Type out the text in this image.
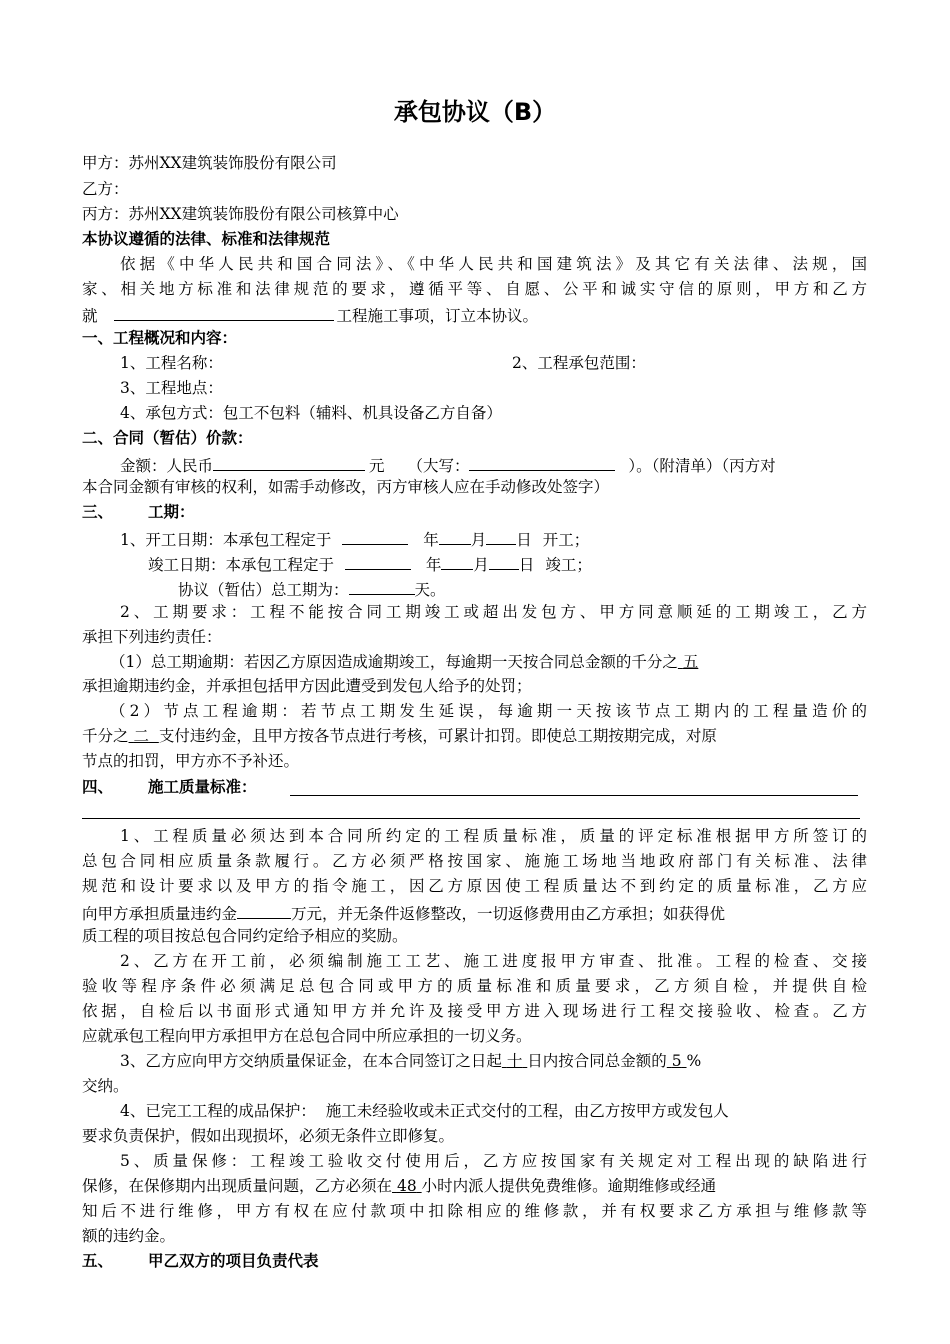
承包协议（B）
甲方：苏州XX建筑装饰股份有限公司
乙方：
丙方：苏州XX建筑装饰股份有限公司核算中心
本协议遵循的法律、标准和法律规范
依据《中华人民共和国合同法》、《中华人民共和国建筑法》及其它有关法律、法规，国
家、相关地方标准和法律规范的要求，遵循平等、自愿、公平和诚实守信的原则，甲方和乙方
就	工程施工事项，订立本协议。
一、工程概况和内容：
1、工程名称：	2、工程承包范围：
3、工程地点：
4、承包方式：包工不包料（辅料、机具设备乙方自备）
二、合同（暂估）价款：
金额：人民币	元 （大写：	）。（附清单）（丙方对
本合同金额有审核的权利，如需手动修改，丙方审核人应在手动修改处签字）
三、 工期：
1、开工日期：本承包工程定于	年 月 日 开工；
竣工日期：本承包工程定于	年 月 日 竣工；
协议（暂估）总工期为：	天。
2、工期要求：工程不能按合同工期竣工或超出发包方、甲方同意顺延的工期竣工，乙方
承担下列违约责任：
（1）总工期逾期：若因乙方原因造成逾期竣工，每逾期一天按合同总金额的千分之 五
承担逾期违约金，并承担包括甲方因此遭受到发包人给予的处罚；
（2）节点工程逾期：若节点工期发生延误，每逾期一天按该节点工期内的工程量造价的
千分之 二 支付违约金，且甲方按各节点进行考核，可累计扣罚。即使总工期按期完成，对原
节点的扣罚，甲方亦不予补还。
四、 施工质量标准：
1、工程质量必须达到本合同所约定的工程质量标准，质量的评定标准根据甲方所签订的
总包合同相应质量条款履行。乙方必须严格按国家、施施工场地当地政府部门有关标准、法律
规范和设计要求以及甲方的指令施工，因乙方原因使工程质量达不到约定的质量标准，乙方应
向甲方承担质量违约金	万元，并无条件返修整改，一切返修费用由乙方承担；如获得优
质工程的项目按总包合同约定给予相应的奖励。
2、乙方在开工前，必须编制施工工艺、施工进度报甲方审查、批准。工程的检查、交接
验收等程序条件必须满足总包合同或甲方的质量标准和质量要求，乙方须自检，并提供自检
依据，自检后以书面形式通知甲方并允许及接受甲方进入现场进行工程交接验收、检查。乙方
应就承包工程向甲方承担甲方在总包合同中所应承担的一切义务。
3、乙方应向甲方交纳质量保证金，在本合同签订之日起 十 日内按合同总金额的 5 %
交纳。
4、已完工工程的成品保护：  施工未经验收或未正式交付的工程，由乙方按甲方或发包人
要求负责保护，假如出现损坏，必须无条件立即修复。
5、质量保修：工程竣工验收交付使用后，乙方应按国家有关规定对工程出现的缺陷进行
保修，在保修期内出现质量问题，乙方必须在 48 小时内派人提供免费维修。逾期维修或经通
知后不进行维修，甲方有权在应付款项中扣除相应的维修款，并有权要求乙方承担与维修款等
额的违约金。
五、 甲乙双方的项目负责代表
